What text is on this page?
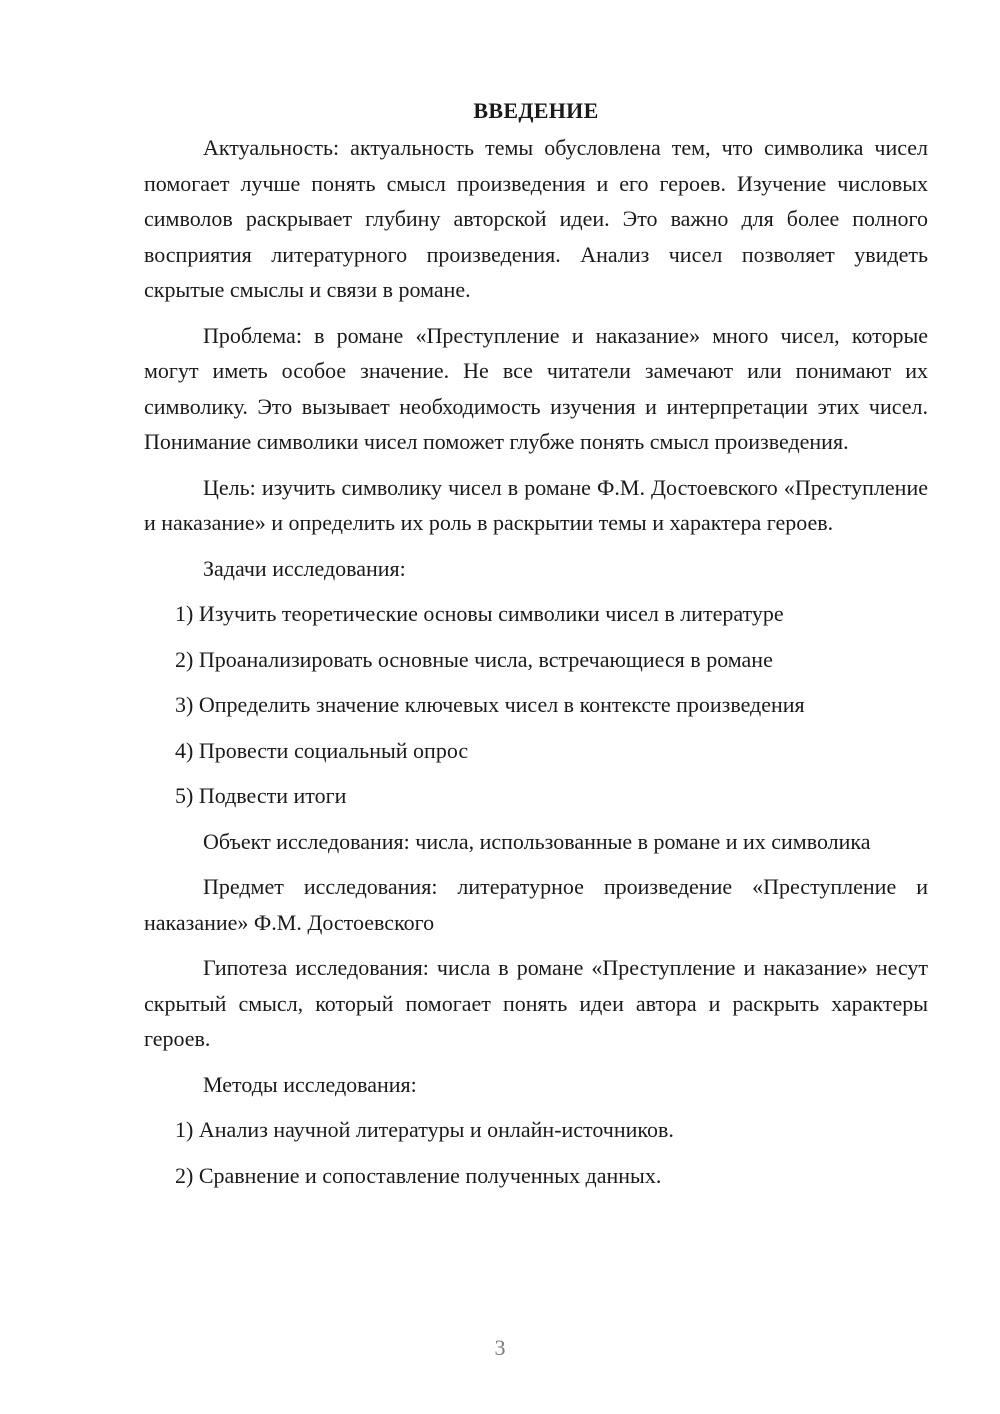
ВВЕДЕНИЕ

Актуальность: актуальность темы обусловлена тем, что символика чисел помогает лучше понять смысл произведения и его героев. Изучение числовых символов раскрывает глубину авторской идеи. Это важно для более полного восприятия литературного произведения. Анализ чисел позволяет увидеть скрытые смыслы и связи в романе.

Проблема: в романе «Преступление и наказание» много чисел, которые могут иметь особое значение. Не все читатели замечают или понимают их символику. Это вызывает необходимость изучения и интерпретации этих чисел. Понимание символики чисел поможет глубже понять смысл произведения.

Цель: изучить символику чисел в романе Ф.М. Достоевского «Преступление и наказание» и определить их роль в раскрытии темы и характера героев.

Задачи исследования:
1) Изучить теоретические основы символики чисел в литературе
2) Проанализировать основные числа, встречающиеся в романе
3) Определить значение ключевых чисел в контексте произведения
4) Провести социальный опрос
5) Подвести итоги

Объект исследования: числа, использованные в романе и их символика

Предмет исследования: литературное произведение «Преступление и наказание» Ф.М. Достоевского

Гипотеза исследования: числа в романе «Преступление и наказание» несут скрытый смысл, который помогает понять идеи автора и раскрыть характеры героев.

Методы исследования:
1) Анализ научной литературы и онлайн-источников.
2) Сравнение и сопоставление полученных данных.
3
